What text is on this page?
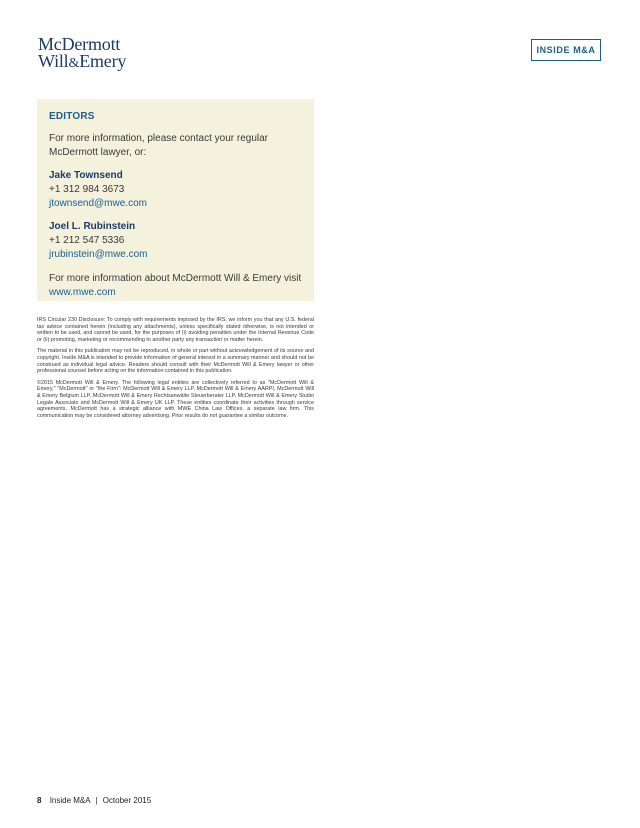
McDermott
Will&Emery
INSIDE M&A
EDITORS

For more information, please contact your regular McDermott lawyer, or:

Jake Townsend
+1 312 984 3673
jtownsend@mwe.com
Joel L. Rubinstein
+1 212 547 5336
jrubinstein@mwe.com

For more information about McDermott Will & Emery visit

www.mwe.com

IRS Circular 230 Disclosure: To comply with requirements imposed by the IRS, we inform you that any U.S. federal tax advice contained herein (including any attachments), unless specifically stated otherwise, is not intended or written to be used, and cannot be used, for the purposes of (i) avoiding penalties under the Internal Revenue Code or (ii) promoting, marketing or recommending to another party any transaction or matter herein.

The material in this publication may not be reproduced, in whole or part without acknowledgement of its source and copyright. Inside M&A is intended to provide information of general interest in a summary manner and should not be construed as individual legal advice. Readers should consult with their McDermott Will & Emery lawyer or other professional counsel before acting on the information contained in this publication.

©2015 McDermott Will & Emery. The following legal entities are collectively referred to as "McDermott Will & Emery," "McDermott" or "the Firm": McDermott Will & Emery LLP, McDermott Will & Emery AARPI, McDermott Will & Emery Belgium LLP, McDermott Will & Emery Rechtsanwälte Steuerberater LLP, McDermott Will & Emery Studio Legale Associato and McDermott Will & Emery UK LLP. These entities coordinate their activities through service agreements. McDermott has a strategic alliance with MWE China Law Offices, a separate law firm. This communication may be considered attorney advertising. Prior results do not guarantee a similar outcome.

8 Inside M&A | October 2015
